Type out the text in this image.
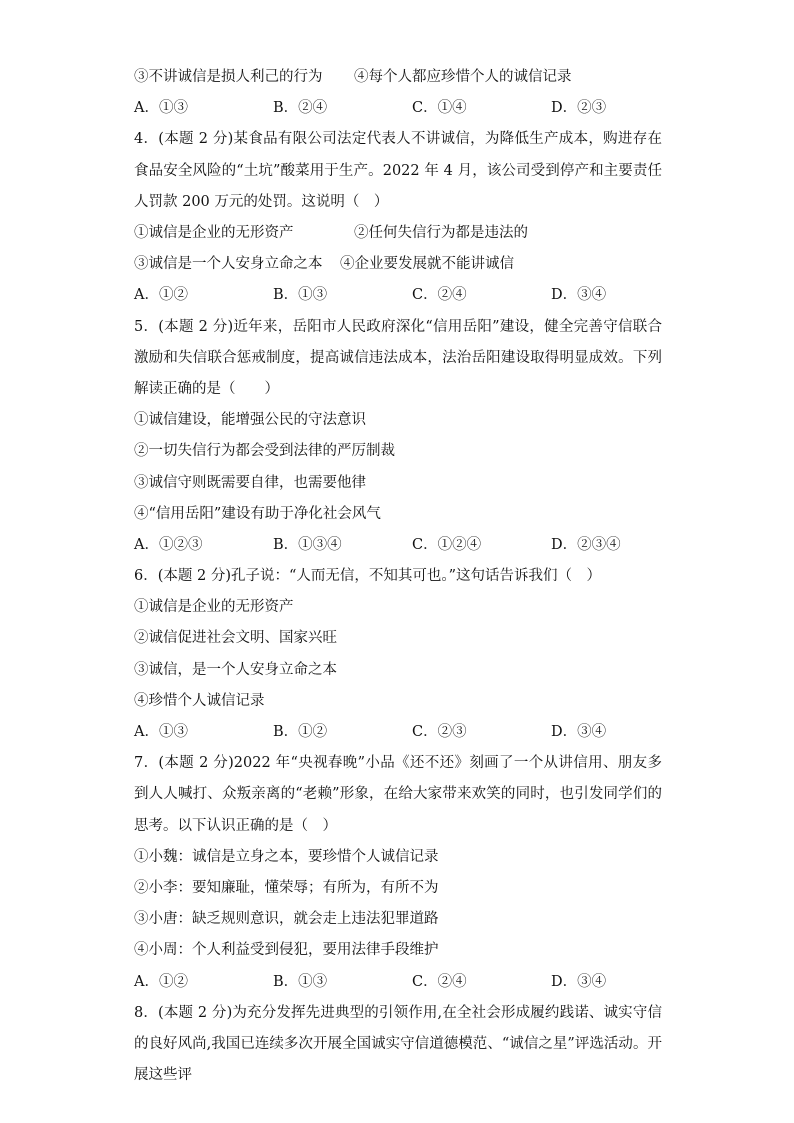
③不讲诚信是损人利己的行为	④每个人都应珍惜个人的诚信记录
A．①③	B．②④	C．①④	D．②③
4．(本题 2 分)某食品有限公司法定代表人不讲诚信，为降低生产成本，购进存在食品安全风险的“土坑”酸菜用于生产。2022 年 4 月，该公司受到停产和主要责任人罚款 200 万元的处罚。这说明（　）
①诚信是企业的无形资产	②任何失信行为都是违法的
③诚信是一个人安身立命之本	④企业要发展就不能讲诚信
A．①②	B．①③	C．②④	D．③④
5．(本题 2 分)近年来，岳阳市人民政府深化“信用岳阳”建设，健全完善守信联合激励和失信联合惩戒制度，提高诚信违法成本，法治岳阳建设取得明显成效。下列解读正确的是（　　）
①诚信建设，能增强公民的守法意识
②一切失信行为都会受到法律的严厉制裁
③诚信守则既需要自律，也需要他律
④“信用岳阳”建设有助于净化社会风气
A．①②③	B．①③④	C．①②④	D．②③④
6．(本题 2 分)孔子说：“人而无信，不知其可也。”这句话告诉我们（　）
①诚信是企业的无形资产
②诚信促进社会文明、国家兴旺
③诚信，是一个人安身立命之本
④珍惜个人诚信记录
A．①③	B．①②	C．②③	D．③④
7．(本题 2 分)2022 年“央视春晚”小品《还不还》刻画了一个从讲信用、朋友多到人人喊打、众叛亲离的“老赖”形象，在给大家带来欢笑的同时，也引发同学们的思考。以下认识正确的是（　）
①小魏：诚信是立身之本，要珍惜个人诚信记录
②小李：要知廉耻，懂荣辱；有所为，有所不为
③小唐：缺乏规则意识，就会走上违法犯罪道路
④小周：个人利益受到侵犯，要用法律手段维护
A．①②	B．①③	C．②④	D．③④
8．(本题 2 分)为充分发挥先进典型的引领作用,在全社会形成履约践诺、诚实守信的良好风尚,我国已连续多次开展全国诚实守信道德模范、“诚信之星”评选活动。开展这些评
